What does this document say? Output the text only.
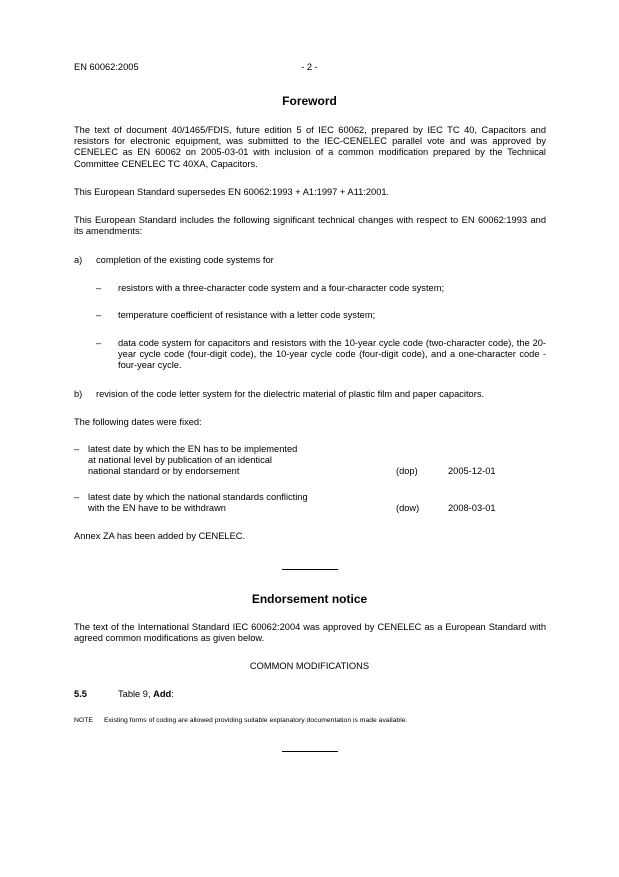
EN 60062:2005	- 2 -
Foreword
The text of document 40/1465/FDIS, future edition 5 of IEC 60062, prepared by IEC TC 40, Capacitors and resistors for electronic equipment, was submitted to the IEC-CENELEC parallel vote and was approved by CENELEC as EN 60062 on 2005-03-01 with inclusion of a common modification prepared by the Technical Committee CENELEC TC 40XA, Capacitors.
This European Standard supersedes EN 60062:1993 + A1:1997 + A11:2001.
This European Standard includes the following significant technical changes with respect to EN 60062:1993 and its amendments:
a) completion of the existing code systems for
– resistors with a three-character code system and a four-character code system;
– temperature coefficient of resistance with a letter code system;
– data code system for capacitors and resistors with the 10-year cycle code (two-character code), the 20-year cycle code (four-digit code), the 10-year cycle code (four-digit code), and a one-character code - four-year cycle.
b) revision of the code letter system for the dielectric material of plastic film and paper capacitors.
The following dates were fixed:
– latest date by which the EN has to be implemented
at national level by publication of an identical
national standard or by endorsement	(dop)	2005-12-01
– latest date by which the national standards conflicting
with the EN have to be withdrawn	(dow)	2008-03-01
Annex ZA has been added by CENELEC.
Endorsement notice
The text of the International Standard IEC 60062:2004 was approved by CENELEC as a European Standard with agreed common modifications as given below.
COMMON MODIFICATIONS
5.5	Table 9, Add:
NOTE Existing forms of coding are allowed providing suitable explanatory documentation is made available.
